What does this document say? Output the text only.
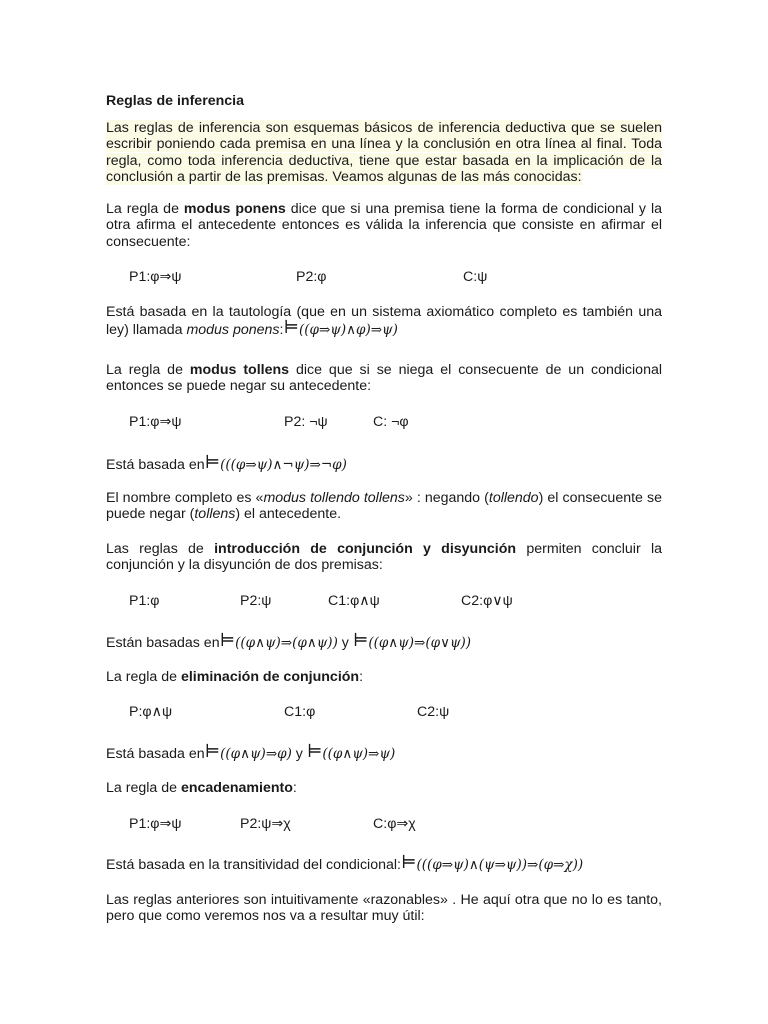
Reglas de inferencia

Las reglas de inferencia son esquemas básicos de inferencia deductiva que se suelen escribir poniendo cada premisa en una línea y la conclusión en otra línea al final. Toda regla, como toda inferencia deductiva, tiene que estar basada en la implicación de la conclusión a partir de las premisas. Veamos algunas de las más conocidas:

La regla de modus ponens dice que si una premisa tiene la forma de condicional y la otra afirma el antecedente entonces es válida la inferencia que consiste en afirmar el consecuente:

P1:φ⇒ψ	P2:φ	C:ψ

Está basada en la tautología (que en un sistema axiomático completo es también una ley) llamada modus ponens:⊨((φ⇒ψ)∧φ)⇒ψ)

La regla de modus tollens dice que si se niega el consecuente de un condicional entonces se puede negar su antecedente:

P1:φ⇒ψ	P2: ¬ψ	C: ¬φ

Está basada en⊨(((φ⇒ψ)∧¬ψ)⇒¬φ)

El nombre completo es «modus tollendo tollens» : negando (tollendo) el consecuente se puede negar (tollens) el antecedente.

Las reglas de introducción de conjunción y disyunción permiten concluir la conjunción y la disyunción de dos premisas:

P1:φ	P2:ψ	C1:φ∧ψ	C2:φ∨ψ

Están basadas en⊨((φ∧ψ)⇒(φ∧ψ)) y ⊨((φ∧ψ)⇒(φ∨ψ))

La regla de eliminación de conjunción:

P:φ∧ψ	C1:φ	C2:ψ

Está basada en⊨((φ∧ψ)⇒φ) y ⊨((φ∧ψ)⇒ψ)

La regla de encadenamiento:

P1:φ⇒ψ	P2:ψ⇒χ	C:φ⇒χ

Está basada en la transitividad del condicional:⊨(((φ⇒ψ)∧(ψ⇒ψ))⇒(φ⇒χ))

Las reglas anteriores son intuitivamente «razonables» . He aquí otra que no lo es tanto, pero que como veremos nos va a resultar muy útil:
